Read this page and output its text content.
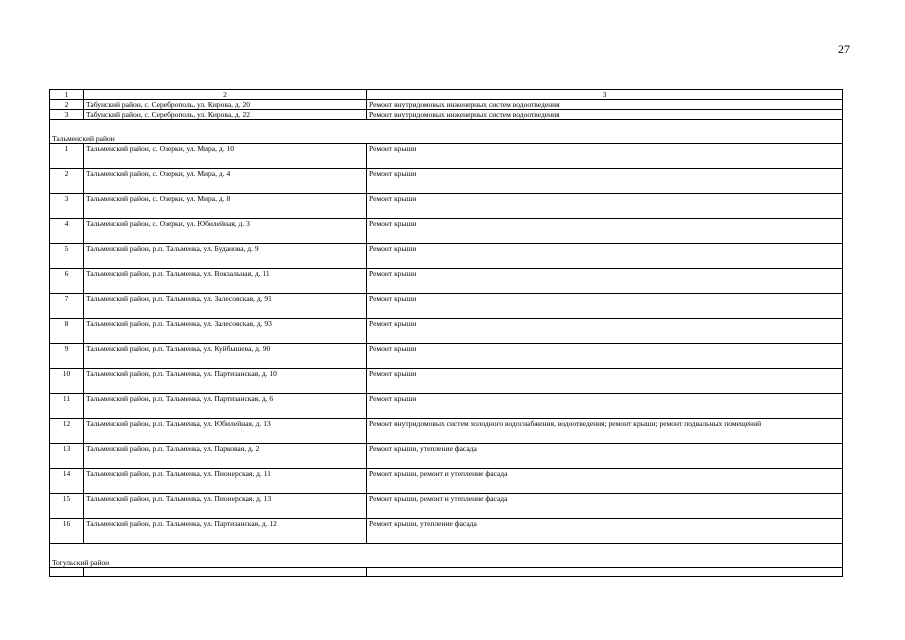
27
1	2	3
2	Табунский район, с. Сереброполь, ул. Кирова, д. 20	Ремонт внутридомовых инженерных систем водоотведения
3	Табунский район, с. Сереброполь, ул. Кирова, д. 22	Ремонт внутридомовых инженерных систем водоотведения
Тальменский район		
1	Тальменский район, с. Озерки, ул. Мира, д. 10	Ремонт крыши
2	Тальменский район, с. Озерки, ул. Мира, д. 4	Ремонт крыши
3	Тальменский район, с. Озерки, ул. Мира, д. 8	Ремонт крыши
4	Тальменский район, с. Озерки, ул. Юбилейная, д. 3	Ремонт крыши
5	Тальменский район, р.п. Тальменка, ул. Буданова, д. 9	Ремонт крыши
6	Тальменский район, р.п. Тальменка, ул. Вокзальная, д. 11	Ремонт крыши
7	Тальменский район, р.п. Тальменка, ул. Залесовская, д. 91	Ремонт крыши
8	Тальменский район, р.п. Тальменка, ул. Залесовская, д. 93	Ремонт крыши
9	Тальменский район, р.п. Тальменка, ул. Куйбышева, д. 90	Ремонт крыши
10	Тальменский район, р.п. Тальменка, ул. Партизанская, д. 10	Ремонт крыши
11	Тальменский район, р.п. Тальменка, ул. Партизанская, д. 6	Ремонт крыши
12	Тальменский район, р.п. Тальменка, ул. Юбилейная, д. 13	Ремонт внутридомовых систем холодного водоснабжения, водоотведения; ремонт крыши; ремонт подвальных помещений
13	Тальменский район, р.п. Тальменка, ул. Парковая, д. 2	Ремонт крыши, утепление фасада
14	Тальменский район, р.п. Тальменка, ул. Пионерская, д. 11	Ремонт крыши, ремонт и утепление фасада
15	Тальменский район, р.п. Тальменка, ул. Пионерская, д. 13	Ремонт крыши, ремонт и утепление фасада
16	Тальменский район, р.п. Тальменка, ул. Партизанская, д. 12	Ремонт крыши, утепление фасада
Тогульский район		
